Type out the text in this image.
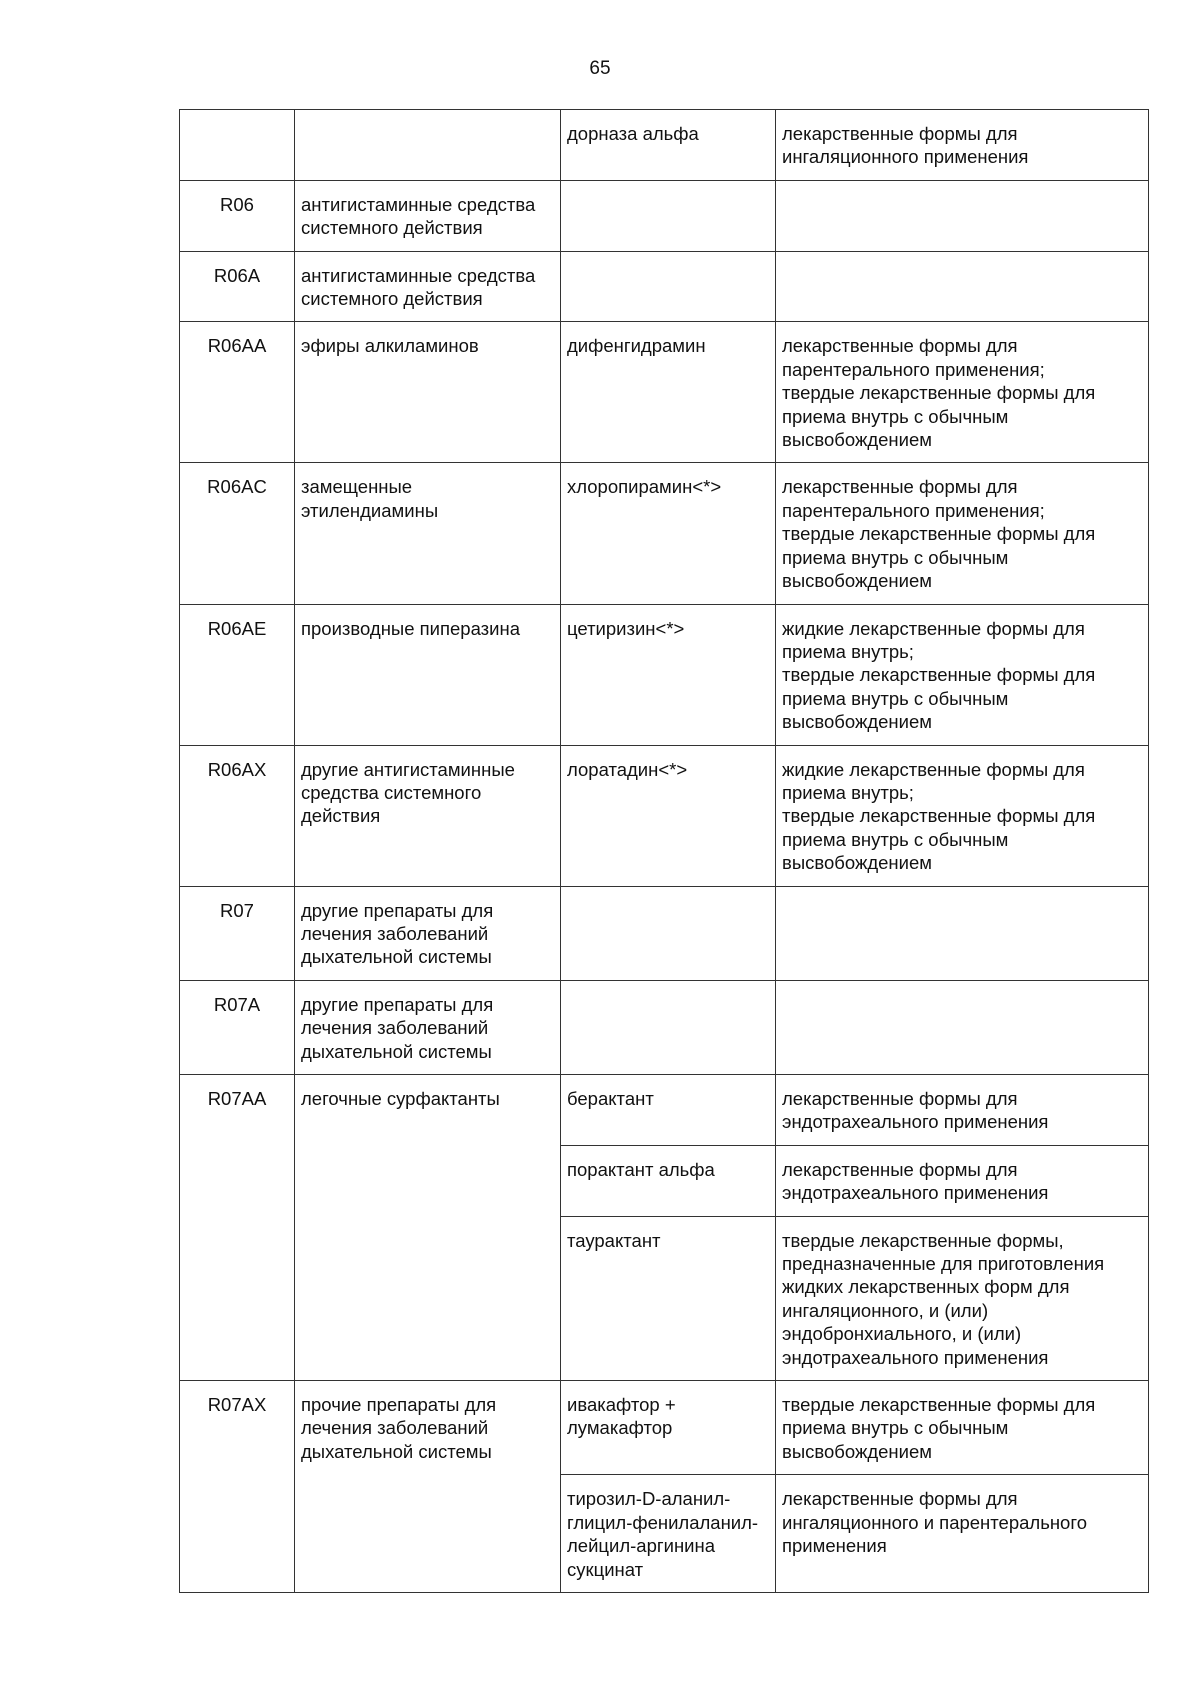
65
		дорназа альфа	лекарственные формы для ингаляционного применения
R06	антигистаминные средства системного действия		
R06A	антигистаминные средства системного действия		
R06AA	эфиры алкиламинов	дифенгидрамин	лекарственные формы для парентерального применения;
твердые лекарственные формы для приема внутрь с обычным высвобождением
R06AC	замещенные этилендиамины	хлоропирамин<*>	лекарственные формы для парентерального применения;
твердые лекарственные формы для приема внутрь с обычным высвобождением
R06AE	производные пиперазина	цетиризин<*>	жидкие лекарственные формы для приема внутрь;
твердые лекарственные формы для приема внутрь с обычным высвобождением
R06AX	другие антигистаминные средства системного действия	лоратадин<*>	жидкие лекарственные формы для приема внутрь;
твердые лекарственные формы для приема внутрь с обычным высвобождением
R07	другие препараты для лечения заболеваний дыхательной системы		
R07A	другие препараты для лечения заболеваний дыхательной системы		
R07AA	легочные сурфактанты	берактант	лекарственные формы для эндотрахеального применения
		порактант альфа	лекарственные формы для эндотрахеального применения
		таурактант	твердые лекарственные формы, предназначенные для приготовления жидких лекарственных форм для ингаляционного, и (или) эндобронхиального, и (или) эндотрахеального применения
R07AX	прочие препараты для лечения заболеваний дыхательной системы	ивакафтор + лумакафтор	твердые лекарственные формы для приема внутрь с обычным высвобождением
		тирозил-D-аланил-глицил-фенилаланил-лейцил-аргинина сукцинат	лекарственные формы для ингаляционного и парентерального применения
